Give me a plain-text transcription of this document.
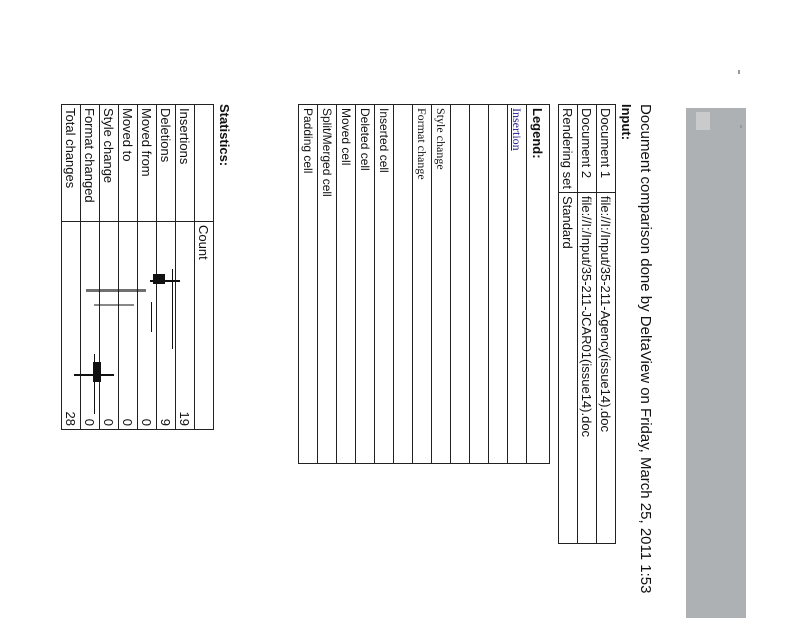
Document comparison done by DeltaView on Friday, March 25, 2011 1:53
Input:
Document 1	file://I:/Input/35-211-Agency(issue14).doc
Document 2	file://I:/Input/35-211-JCAR01(issue14).doc
Rendering set	Standard
Legend:
Insertion

Style change
Format change

Inserted cell
Deleted cell
Moved cell
Split/Merged cell
Padding cell
Statistics:
	Count
Insertions	19
Deletions	9
Moved from	0
Moved to	0
Style change	0
Format changed	0
Total changes	28
